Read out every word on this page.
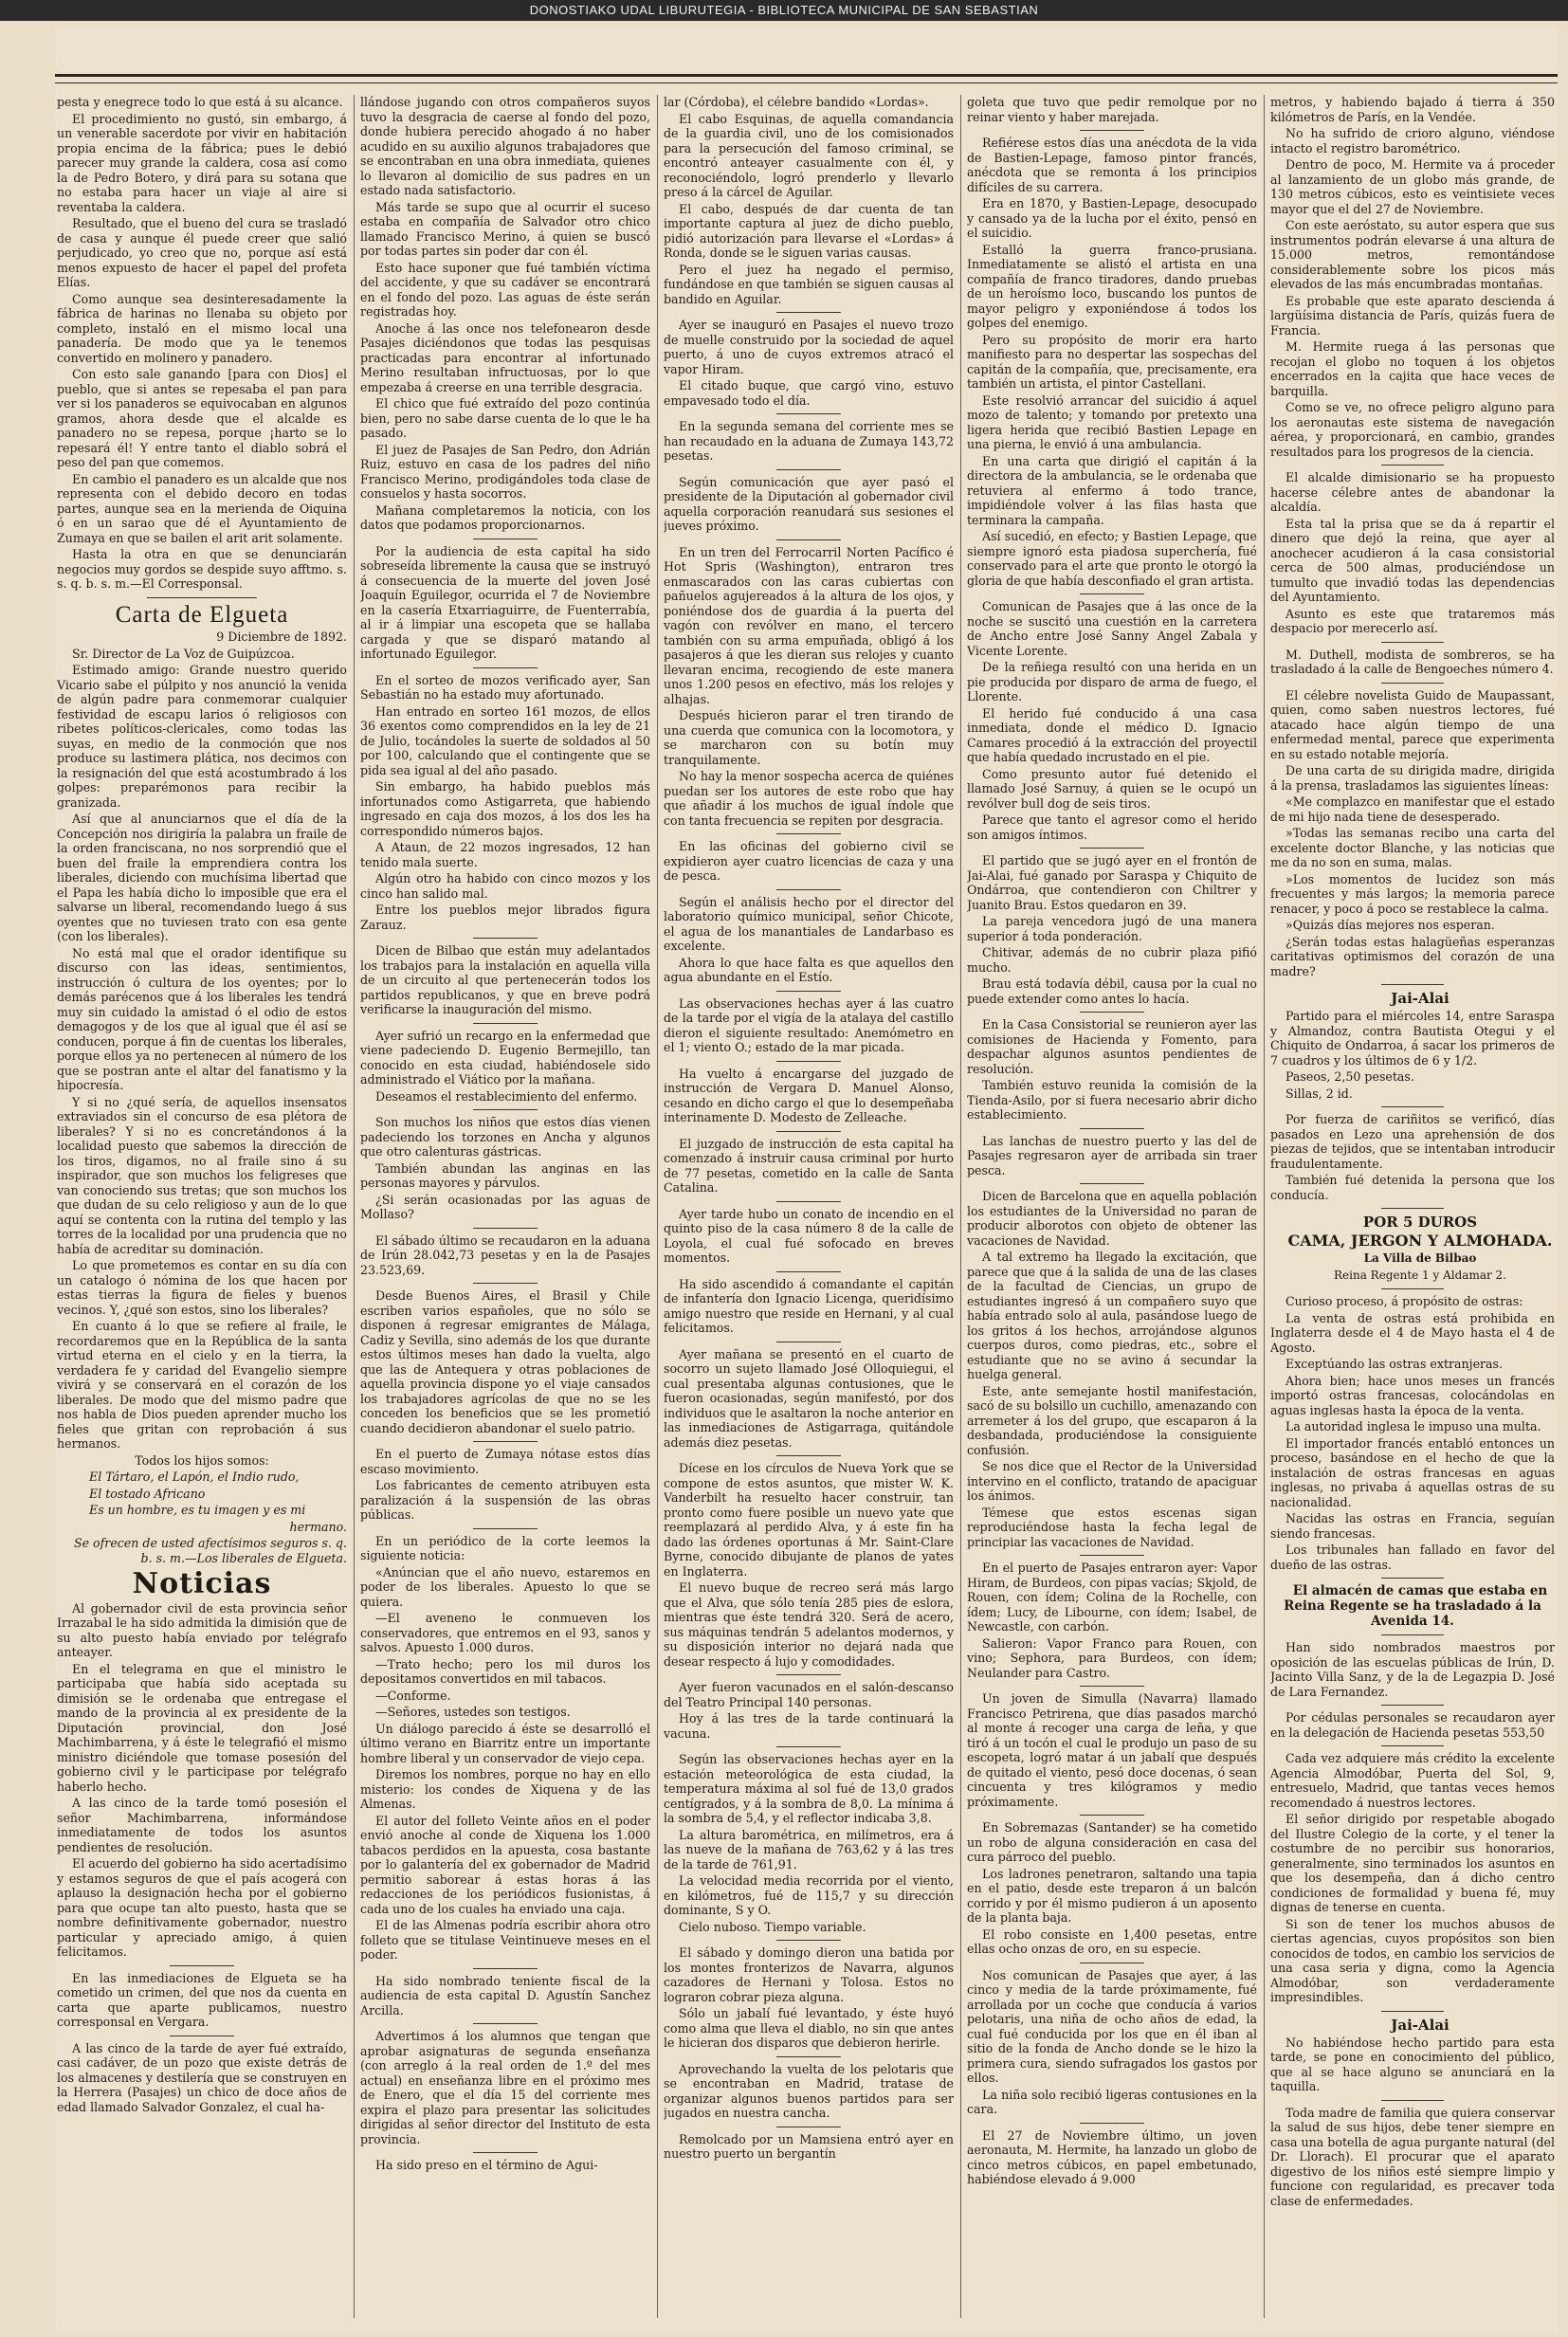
DONOSTIAKO UDAL LIBURUTEGIA - BIBLIOTECA MUNICIPAL DE SAN SEBASTIAN

pesta y enegrece todo lo que está á su alcance.

El procedimiento no gustó, sin embargo, á un venerable sacerdote por vivir en habitación propia encima de la fábrica; pues le debió parecer muy grande la caldera, cosa así como la de Pedro Botero, y dirá para su sotana que no estaba para hacer un viaje al aire si reventaba la caldera.

Resultado, que el bueno del cura se trasladó de casa y aunque él puede creer que salió perjudicado, yo creo que no, porque así está menos expuesto de hacer el papel del profeta Elías.

Como aunque sea desinteresadamente la fábrica de harinas no llenaba su objeto por completo, instaló en el mismo local una panadería. De modo que ya le tenemos convertido en molinero y panadero.

Con esto sale ganando [para con Dios] el pueblo, que si antes se repesaba el pan para ver si los panaderos se equivocaban en algunos gramos, ahora desde que el alcalde es panadero no se repesa, porque ¡harto se lo repesará él! Y entre tanto el diablo sobrá el peso del pan que comemos.

En cambio el panadero es un alcalde que nos representa con el debido decoro en todas partes, aunque sea en la merienda de Oiquina ó en un sarao que dé el Ayuntamiento de Zumaya en que se bailen el arit arit solamente.

Hasta la otra en que se denunciarán negocios muy gordos se despide suyo afftmo. s. s. q. b. s. m.—El Corresponsal.

Carta de Elgueta

9 Diciembre de 1892.

Sr. Director de La Voz de Guipúzcoa.

Estimado amigo: Grande nuestro querido Vicario sabe el púlpito y nos anunció la venida de algún padre para conmemorar cualquier festividad de escapu larios ó religiosos con ribetes políticos-clericales, como todas las suyas, en medio de la conmoción que nos produce su lastimera plática, nos decimos con la resignación del que está acostumbrado á los golpes: preparémonos para recibir la granizada.

Así que al anunciarnos que el día de la Concepción nos dirigiría la palabra un fraile de la orden franciscana, no nos sorprendió que el buen del fraile la emprendiera contra los liberales, diciendo con muchísima libertad que el Papa les había dicho lo imposible que era el salvarse un liberal, recomendando luego á sus oyentes que no tuviesen trato con esa gente (con los liberales).

No está mal que el orador identifique su discurso con las ideas, sentimientos, instrucción ó cultura de los oyentes; por lo demás parécenos que á los liberales les tendrá muy sin cuidado la amistad ó el odio de estos demagogos y de los que al igual que él así se conducen, porque á fin de cuentas los liberales, porque ellos ya no pertenecen al número de los que se postran ante el altar del fanatismo y la hipocresía.

Y si no ¿qué sería, de aquellos insensatos extraviados sin el concurso de esa plétora de liberales? Y si no es concretándonos á la localidad puesto que sabemos la dirección de los tiros, digamos, no al fraile sino á su inspirador, que son muchos los feligreses que van conociendo sus tretas; que son muchos los que dudan de su celo religioso y aun de lo que aquí se contenta con la rutina del templo y las torres de la localidad por una prudencia que no había de acreditar su dominación.

Lo que prometemos es contar en su día con un catalogo ó nómina de los que hacen por estas tierras la figura de fieles y buenos vecinos. Y, ¿qué son estos, sino los liberales?

En cuanto á lo que se refiere al fraile, le recordaremos que en la República de la santa virtud eterna en el cielo y en la tierra, la verdadera fe y caridad del Evangelio siempre vivirá y se conservará en el corazón de los liberales. De modo que del mismo padre que nos habla de Dios pueden aprender mucho los fieles que gritan con reprobación á sus hermanos.

Todos los hijos somos:

El Tártaro, el Lapón, el Indio rudo,

El tostado Africano

Es un hombre, es tu imagen y es mi

hermano.

Se ofrecen de usted afectísimos seguros s. q. b. s. m.—Los liberales de Elgueta.

Noticias

Al gobernador civil de esta provincia señor Irrazabal le ha sido admitida la dimisión que de su alto puesto había enviado por telégrafo anteayer.

En el telegrama en que el ministro le participaba que había sido aceptada su dimisión se le ordenaba que entregase el mando de la provincia al ex presidente de la Diputación provincial, don José Machimbarrena, y á éste le telegrafió el mismo ministro diciéndole que tomase posesión del gobierno civil y le participase por telégrafo haberlo hecho.

A las cinco de la tarde tomó posesión el señor Machimbarrena, informándose inmediatamente de todos los asuntos pendientes de resolución.

El acuerdo del gobierno ha sido acertadísimo y estamos seguros de que el país acogerá con aplauso la designación hecha por el gobierno para que ocupe tan alto puesto, hasta que se nombre definitivamente gobernador, nuestro particular y apreciado amigo, á quien felicitamos.

En las inmediaciones de Elgueta se ha cometido un crimen, del que nos da cuenta en carta que aparte publicamos, nuestro corresponsal en Vergara.

A las cinco de la tarde de ayer fué extraído, casi cadáver, de un pozo que existe detrás de los almacenes y destilería que se construyen en la Herrera (Pasajes) un chico de doce años de edad llamado Salvador Gonzalez, el cual ha-

llándose jugando con otros compañeros suyos tuvo la desgracia de caerse al fondo del pozo, donde hubiera perecido ahogado á no haber acudido en su auxilio algunos trabajadores que se encontraban en una obra inmediata, quienes lo llevaron al domicilio de sus padres en un estado nada satisfactorio.

Más tarde se supo que al ocurrir el suceso estaba en compañía de Salvador otro chico llamado Francisco Merino, á quien se buscó por todas partes sin poder dar con él.

Esto hace suponer que fué también víctima del accidente, y que su cadáver se encontrará en el fondo del pozo. Las aguas de éste serán registradas hoy.

Anoche á las once nos telefonearon desde Pasajes diciéndonos que todas las pesquisas practicadas para encontrar al infortunado Merino resultaban infructuosas, por lo que empezaba á creerse en una terrible desgracia.

El chico que fué extraído del pozo continúa bien, pero no sabe darse cuenta de lo que le ha pasado.

El juez de Pasajes de San Pedro, don Adrián Ruiz, estuvo en casa de los padres del niño Francisco Merino, prodigándoles toda clase de consuelos y hasta socorros.

Mañana completaremos la noticia, con los datos que podamos proporcionarnos.

Por la audiencia de esta capital ha sido sobreseída libremente la causa que se instruyó á consecuencia de la muerte del joven José Joaquín Eguilegor, ocurrida el 7 de Noviembre en la casería Etxarriaguirre, de Fuenterrabía, al ir á limpiar una escopeta que se hallaba cargada y que se disparó matando al infortunado Eguilegor.

En el sorteo de mozos verificado ayer, San Sebastián no ha estado muy afortunado.

Han entrado en sorteo 161 mozos, de ellos 36 exentos como comprendidos en la ley de 21 de Julio, tocándoles la suerte de soldados al 50 por 100, calculando que el contingente que se pida sea igual al del año pasado.

Sin embargo, ha habido pueblos más infortunados como Astigarreta, que habiendo ingresado en caja dos mozos, á los dos les ha correspondido números bajos.

A Ataun, de 22 mozos ingresados, 12 han tenido mala suerte.

Algún otro ha habido con cinco mozos y los cinco han salido mal.

Entre los pueblos mejor librados figura Zarauz.

Dicen de Bilbao que están muy adelantados los trabajos para la instalación en aquella villa de un circuito al que pertenecerán todos los partidos republicanos, y que en breve podrá verificarse la inauguración del mismo.

Ayer sufrió un recargo en la enfermedad que viene padeciendo D. Eugenio Bermejillo, tan conocido en esta ciudad, habiéndosele sido administrado el Viático por la mañana.

Deseamos el restablecimiento del enfermo.

Son muchos los niños que estos días vienen padeciendo los torzones en Ancha y algunos que otro calenturas gástricas.

También abundan las anginas en las personas mayores y párvulos.

¿Si serán ocasionadas por las aguas de Mollaso?

El sábado último se recaudaron en la aduana de Irún 28.042,73 pesetas y en la de Pasajes 23.523,69.

Desde Buenos Aires, el Brasil y Chile escriben varios españoles, que no sólo se disponen á regresar emigrantes de Málaga, Cadiz y Sevilla, sino además de los que durante estos últimos meses han dado la vuelta, algo que las de Antequera y otras poblaciones de aquella provincia dispone yo el viaje cansados los trabajadores agrícolas de que no se les conceden los beneficios que se les prometió cuando decidieron abandonar el suelo patrio.

En el puerto de Zumaya nótase estos días escaso movimiento.

Los fabricantes de cemento atribuyen esta paralización á la suspensión de las obras públicas.

En un periódico de la corte leemos la siguiente noticia:

«Anúncian que el año nuevo, estaremos en poder de los liberales. Apuesto lo que se quiera.

—El aveneno le conmueven los conservadores, que entremos en el 93, sanos y salvos. Apuesto 1.000 duros.

—Trato hecho; pero los mil duros los depositamos convertidos en mil tabacos.

—Conforme.

—Señores, ustedes son testigos.

Un diálogo parecido á éste se desarrolló el último verano en Biarritz entre un importante hombre liberal y un conservador de viejo cepa.

Diremos los nombres, porque no hay en ello misterio: los condes de Xiquena y de las Almenas.

El autor del folleto Veinte años en el poder envió anoche al conde de Xiquena los 1.000 tabacos perdidos en la apuesta, cosa bastante por lo galantería del ex gobernador de Madrid permitio saborear á estas horas á las redacciones de los periódicos fusionistas, á cada uno de los cuales ha enviado una caja.

El de las Almenas podría escribir ahora otro folleto que se titulase Veintinueve meses en el poder.

Ha sido nombrado teniente fiscal de la audiencia de esta capital D. Agustín Sanchez Arcilla.

Advertimos á los alumnos que tengan que aprobar asignaturas de segunda enseñanza (con arreglo á la real orden de 1.º del mes actual) en enseñanza libre en el próximo mes de Enero, que el día 15 del corriente mes expira el plazo para presentar las solicitudes dirigidas al señor director del Instituto de esta provincia.

Ha sido preso en el término de Agui-

lar (Córdoba), el célebre bandido «Lordas».

El cabo Esquinas, de aquella comandancia de la guardia civil, uno de los comisionados para la persecución del famoso criminal, se encontró anteayer casualmente con él, y reconociéndolo, logró prenderlo y llevarlo preso á la cárcel de Aguilar.

El cabo, después de dar cuenta de tan importante captura al juez de dicho pueblo, pidió autorización para llevarse el «Lordas» á Ronda, donde se le siguen varias causas.

Pero el juez ha negado el permiso, fundándose en que también se siguen causas al bandido en Aguilar.

Ayer se inauguró en Pasajes el nuevo trozo de muelle construido por la sociedad de aquel puerto, á uno de cuyos extremos atracó el vapor Hiram.

El citado buque, que cargó vino, estuvo empavesado todo el día.

En la segunda semana del corriente mes se han recaudado en la aduana de Zumaya 143,72 pesetas.

Según comunicación que ayer pasó el presidente de la Diputación al gobernador civil aquella corporación reanudará sus sesiones el jueves próximo.

En un tren del Ferrocarril Norten Pacífico é Hot Spris (Washington), entraron tres enmascarados con las caras cubiertas con pañuelos agujereados á la altura de los ojos, y poniéndose dos de guardia á la puerta del vagón con revólver en mano, el tercero también con su arma empuñada, obligó á los pasajeros á que les dieran sus relojes y cuanto llevaran encima, recogiendo de este manera unos 1.200 pesos en efectivo, más los relojes y alhajas.

Después hicieron parar el tren tirando de una cuerda que comunica con la locomotora, y se marcharon con su botín muy tranquilamente.

No hay la menor sospecha acerca de quiénes puedan ser los autores de este robo que hay que añadir á los muchos de igual índole que con tanta frecuencia se repiten por desgracia.

En las oficinas del gobierno civil se expidieron ayer cuatro licencias de caza y una de pesca.

Según el análisis hecho por el director del laboratorio químico municipal, señor Chicote, el agua de los manantiales de Landarbaso es excelente.

Ahora lo que hace falta es que aquellos den agua abundante en el Estío.

Las observaciones hechas ayer á las cuatro de la tarde por el vigía de la atalaya del castillo dieron el siguiente resultado: Anemómetro en el 1; viento O.; estado de la mar picada.

Ha vuelto á encargarse del juzgado de instrucción de Vergara D. Manuel Alonso, cesando en dicho cargo el que lo desempeñaba interinamente D. Modesto de Zelleache.

El juzgado de instrucción de esta capital ha comenzado á instruir causa criminal por hurto de 77 pesetas, cometido en la calle de Santa Catalina.

Ayer tarde hubo un conato de incendio en el quinto piso de la casa número 8 de la calle de Loyola, el cual fué sofocado en breves momentos.

Ha sido ascendido á comandante el capitán de infantería don Ignacio Licenga, queridísimo amigo nuestro que reside en Hernani, y al cual felicitamos.

Ayer mañana se presentó en el cuarto de socorro un sujeto llamado José Olloquiegui, el cual presentaba algunas contusiones, que le fueron ocasionadas, según manifestó, por dos individuos que le asaltaron la noche anterior en las inmediaciones de Astigarraga, quitándole además diez pesetas.

Dícese en los círculos de Nueva York que se compone de estos asuntos, que mister W. K. Vanderbilt ha resuelto hacer construir, tan pronto como fuere posible un nuevo yate que reemplazará al perdido Alva, y á este fin ha dado las órdenes oportunas á Mr. Saint-Clare Byrne, conocido dibujante de planos de yates en Inglaterra.

El nuevo buque de recreo será más largo que el Alva, que sólo tenía 285 pies de eslora, mientras que éste tendrá 320. Será de acero, sus máquinas tendrán 5 adelantos modernos, y su disposición interior no dejará nada que desear respecto á lujo y comodidades.

Ayer fueron vacunados en el salón-descanso del Teatro Principal 140 personas.

Hoy á las tres de la tarde continuará la vacuna.

Según las observaciones hechas ayer en la estación meteorológica de esta ciudad, la temperatura máxima al sol fué de 13,0 grados centígrados, y á la sombra de 8,0. La mínima á la sombra de 5,4, y el reflector indicaba 3,8.

La altura barométrica, en milímetros, era á las nueve de la mañana de 763,62 y á las tres de la tarde de 761,91.

La velocidad media recorrida por el viento, en kilómetros, fué de 115,7 y su dirección dominante, S y O.

Cielo nuboso. Tiempo variable.

El sábado y domingo dieron una batida por los montes fronterizos de Navarra, algunos cazadores de Hernani y Tolosa. Estos no lograron cobrar pieza alguna.

Sólo un jabalí fué levantado, y éste huyó como alma que lleva el diablo, no sin que antes le hicieran dos disparos que debieron herirle.

Aprovechando la vuelta de los pelotaris que se encontraban en Madrid, tratase de organizar algunos buenos partidos para ser jugados en nuestra cancha.

Remolcado por un Mamsiena entró ayer en nuestro puerto un bergantín

goleta que tuvo que pedir remolque por no reinar viento y haber marejada.

Refiérese estos días una anécdota de la vida de Bastien-Lepage, famoso pintor francés, anécdota que se remonta á los principios difíciles de su carrera.

Era en 1870, y Bastien-Lepage, desocupado y cansado ya de la lucha por el éxito, pensó en el suicidio.

Estalló la guerra franco-prusiana. Inmediatamente se alistó el artista en una compañía de franco tiradores, dando pruebas de un heroísmo loco, buscando los puntos de mayor peligro y exponiéndose á todos los golpes del enemigo.

Pero su propósito de morir era harto manifiesto para no despertar las sospechas del capitán de la compañía, que, precisamente, era también un artista, el pintor Castellani.

Este resolvió arrancar del suicidio á aquel mozo de talento; y tomando por pretexto una ligera herida que recibió Bastien Lepage en una pierna, le envió á una ambulancia.

En una carta que dirigió el capitán á la directora de la ambulancia, se le ordenaba que retuviera al enfermo á todo trance, impidiéndole volver á las filas hasta que terminara la campaña.

Así sucedió, en efecto; y Bastien Lepage, que siempre ignoró esta piadosa superchería, fué conservado para el arte que pronto le otorgó la gloria de que había desconfiado el gran artista.

Comunican de Pasajes que á las once de la noche se suscitó una cuestión en la carretera de Ancho entre José Sanny Angel Zabala y Vicente Lorente.

De la reñiega resultó con una herida en un pie producida por disparo de arma de fuego, el Llorente.

El herido fué conducido á una casa inmediata, donde el médico D. Ignacio Camares procedió á la extracción del proyectil que había quedado incrustado en el pie.

Como presunto autor fué detenido el llamado José Sarnuy, á quien se le ocupó un revólver bull dog de seis tiros.

Parece que tanto el agresor como el herido son amigos íntimos.

El partido que se jugó ayer en el frontón de Jai-Alai, fué ganado por Saraspa y Chiquito de Ondárroa, que contendieron con Chiltrer y Juanito Brau. Estos quedaron en 39.

La pareja vencedora jugó de una manera superior á toda ponderación.

Chitivar, además de no cubrir plaza pifió mucho.

Brau está todavía débil, causa por la cual no puede extender como antes lo hacía.

En la Casa Consistorial se reunieron ayer las comisiones de Hacienda y Fomento, para despachar algunos asuntos pendientes de resolución.

También estuvo reunida la comisión de la Tienda-Asilo, por si fuera necesario abrir dicho establecimiento.

Las lanchas de nuestro puerto y las del de Pasajes regresaron ayer de arribada sin traer pesca.

Dicen de Barcelona que en aquella población los estudiantes de la Universidad no paran de producir alborotos con objeto de obtener las vacaciones de Navidad.

A tal extremo ha llegado la excitación, que parece que que á la salida de una de las clases de la facultad de Ciencias, un grupo de estudiantes ingresó á un compañero suyo que había entrado solo al aula, pasándose luego de los gritos á los hechos, arrojándose algunos cuerpos duros, como piedras, etc., sobre el estudiante que no se avino á secundar la huelga general.

Este, ante semejante hostil manifestación, sacó de su bolsillo un cuchillo, amenazando con arremeter á los del grupo, que escaparon á la desbandada, produciéndose la consiguiente confusión.

Se nos dice que el Rector de la Universidad intervino en el conflicto, tratando de apaciguar los ánimos.

Témese que estos escenas sigan reproduciéndose hasta la fecha legal de principiar las vacaciones de Navidad.

En el puerto de Pasajes entraron ayer: Vapor Hiram, de Burdeos, con pipas vacías; Skjold, de Rouen, con ídem; Colina de la Rochelle, con ídem; Lucy, de Libourne, con ídem; Isabel, de Newcastle, con carbón.

Salieron: Vapor Franco para Rouen, con vino; Sephora, para Burdeos, con ídem; Neulander para Castro.

Un joven de Simulla (Navarra) llamado Francisco Petrirena, que días pasados marchó al monte á recoger una carga de leña, y que tiró á un tocón el cual le produjo un paso de su escopeta, logró matar á un jabalí que después de quitado el viento, pesó doce docenas, ó sean cincuenta y tres kilógramos y medio próximamente.

En Sobremazas (Santander) se ha cometido un robo de alguna consideración en casa del cura párroco del pueblo.

Los ladrones penetraron, saltando una tapia en el patio, desde este treparon á un balcón corrido y por él mismo pudieron á un aposento de la planta baja.

El robo consiste en 1,400 pesetas, entre ellas ocho onzas de oro, en su especie.

Nos comunican de Pasajes que ayer, á las cinco y media de la tarde próximamente, fué arrollada por un coche que conducía á varios pelotaris, una niña de ocho años de edad, la cual fué conducida por los que en él iban al sitio de la fonda de Ancho donde se le hizo la primera cura, siendo sufragados los gastos por ellos.

La niña solo recibió ligeras contusiones en la cara.

El 27 de Noviembre último, un joven aeronauta, M. Hermite, ha lanzado un globo de cinco metros cúbicos, en papel embetunado, habiéndose elevado á 9.000

metros, y habiendo bajado á tierra á 350 kilómetros de París, en la Vendée.

No ha sufrido de crioro alguno, viéndose intacto el registro barométrico.

Dentro de poco, M. Hermite va á proceder al lanzamiento de un globo más grande, de 130 metros cúbicos, esto es veintisiete veces mayor que el del 27 de Noviembre.

Con este aeróstato, su autor espera que sus instrumentos podrán elevarse á una altura de 15.000 metros, remontándose considerablemente sobre los picos más elevados de las más encumbradas montañas.

Es probable que este aparato descienda á largüísima distancia de París, quizás fuera de Francia.

M. Hermite ruega á las personas que recojan el globo no toquen á los objetos encerrados en la cajita que hace veces de barquilla.

Como se ve, no ofrece peligro alguno para los aeronautas este sistema de navegación aérea, y proporcionará, en cambio, grandes resultados para los progresos de la ciencia.

El alcalde dimisionario se ha propuesto hacerse célebre antes de abandonar la alcaldía.

Esta tal la prisa que se da á repartir el dinero que dejó la reina, que ayer al anochecer acudieron á la casa consistorial cerca de 500 almas, produciéndose un tumulto que invadió todas las dependencias del Ayuntamiento.

Asunto es este que trataremos más despacio por merecerlo así.

M. Duthell, modista de sombreros, se ha trasladado á la calle de Bengoeches número 4.

El célebre novelista Guido de Maupassant, quien, como saben nuestros lectores, fué atacado hace algún tiempo de una enfermedad mental, parece que experimenta en su estado notable mejoría.

De una carta de su dirigida madre, dirigida á la prensa, trasladamos las siguientes líneas:

«Me complazco en manifestar que el estado de mi hijo nada tiene de desesperado.

»Todas las semanas recibo una carta del excelente doctor Blanche, y las noticias que me da no son en suma, malas.

»Los momentos de lucidez son más frecuentes y más largos; la memoria parece renacer, y poco á poco se restablece la calma.

»Quizás días mejores nos esperan.

¿Serán todas estas halagüeñas esperanzas caritativas optimismos del corazón de una madre?

Jai-Alai

Partido para el miércoles 14, entre Saraspa y Almandoz, contra Bautista Otegui y el Chiquito de Ondarroa, á sacar los primeros de 7 cuadros y los últimos de 6 y 1/2.

Paseos, 2,50 pesetas.

Sillas, 2 id.

Por fuerza de cariñitos se verificó, días pasados en Lezo una aprehensión de dos piezas de tejidos, que se intentaban introducir fraudulentamente.

También fué detenida la persona que los conducía.

POR 5 DUROS

CAMA, JERGON Y ALMOHADA.

La Villa de Bilbao

Reina Regente 1 y Aldamar 2.

Curioso proceso, á propósito de ostras:

La venta de ostras está prohibida en Inglaterra desde el 4 de Mayo hasta el 4 de Agosto.

Exceptúando las ostras extranjeras.

Ahora bien; hace unos meses un francés importó ostras francesas, colocándolas en aguas inglesas hasta la época de la venta.

La autoridad inglesa le impuso una multa.

El importador francés entabló entonces un proceso, basándose en el hecho de que la instalación de ostras francesas en aguas inglesas, no privaba á aquellas ostras de su nacionalidad.

Nacidas las ostras en Francia, seguían siendo francesas.

Los tribunales han fallado en favor del dueño de las ostras.

El almacén de camas que estaba en Reina Regente se ha trasladado á la Avenida 14.

Han sido nombrados maestros por oposición de las escuelas públicas de Irún, D. Jacinto Villa Sanz, y de la de Legazpia D. José de Lara Fernandez.

Por cédulas personales se recaudaron ayer en la delegación de Hacienda pesetas 553,50

Cada vez adquiere más crédito la excelente Agencia Almodóbar, Puerta del Sol, 9, entresuelo, Madrid, que tantas veces hemos recomendado á nuestros lectores.

El señor dirigido por respetable abogado del Ilustre Colegio de la corte, y el tener la costumbre de no percibir sus honorarios, generalmente, sino terminados los asuntos en que los desempeña, dan á dicho centro condiciones de formalidad y buena fé, muy dignas de tenerse en cuenta.

Si son de tener los muchos abusos de ciertas agencias, cuyos propósitos son bien conocidos de todos, en cambio los servicios de una casa seria y digna, como la Agencia Almodóbar, son verdaderamente impresindibles.

Jai-Alai

No habiéndose hecho partido para esta tarde, se pone en conocimiento del público, que al se hace alguno se anunciará en la taquilla.

Toda madre de familia que quiera conservar la salud de sus hijos, debe tener siempre en casa una botella de agua purgante natural (del Dr. Llorach). El procurar que el aparato digestivo de los niños esté siempre limpio y funcione con regularidad, es precaver toda clase de enfermedades.
